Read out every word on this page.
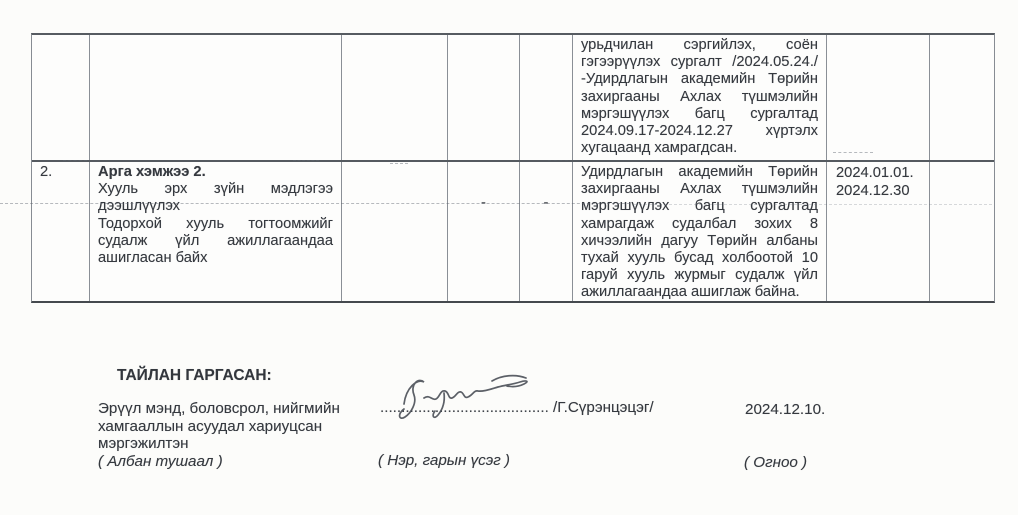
урьдчилан сэргийлэх, соён гэгээрүүлэх сургалт /2024.05.24./ -Удирдлагын академийн Төрийн захиргааны Ахлах түшмэлийн мэргэшүүлэх багц сургалтад 2024.09.17-2024.12.27 хүртэлх хугацаанд хамрагдсан.
2.	Арга хэмжээ 2.
Хууль эрх зүйн мэдлэгээ дээшлүүлэх
Тодорхой хууль тогтоомжийг судалж үйл ажиллагаандаа ашигласан байх
-	-
Удирдлагын академийн Төрийн захиргааны Ахлах түшмэлийн мэргэшүүлэх багц сургалтад хамрагдаж судалбал зохих 8 хичээлийн дагуу Төрийн албаны тухай хууль бусад холбоотой 10 гаруй хууль журмыг судалж үйл ажиллагаандаа ашиглаж байна.
2024.01.01.
2024.12.30
ТАЙЛАН ГАРГАСАН:
Эрүүл мэнд, боловсрол, нийгмийн хамгааллын асуудал хариуцсан мэргэжилтэн
( Албан тушаал )
........................................ /Г.Сүрэнцэцэг/
( Нэр, гарын үсэг )
2024.12.10.
( Огноо )
